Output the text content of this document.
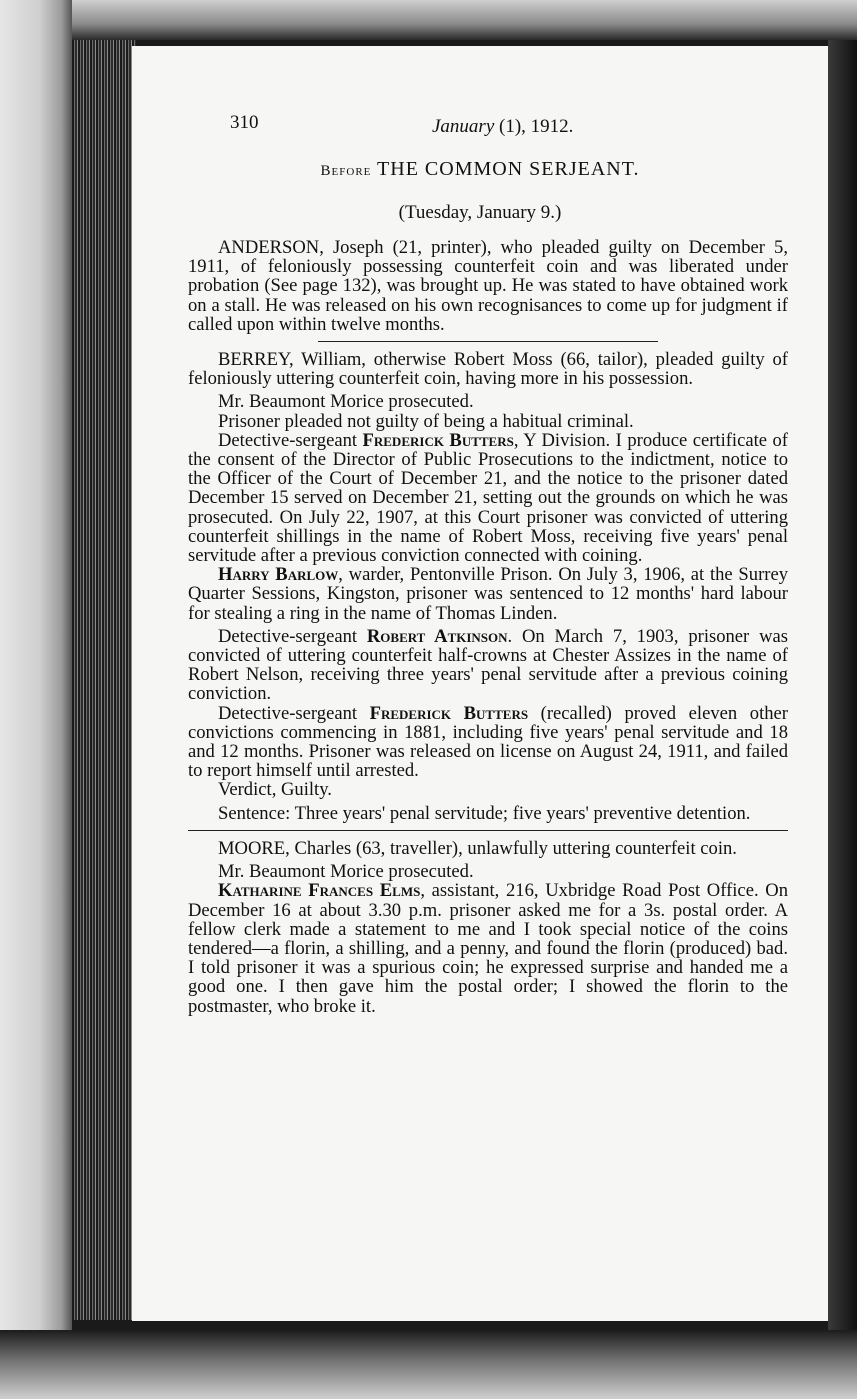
310	January (1), 1912.
Before THE COMMON SERJEANT.
(Tuesday, January 9.)

ANDERSON, Joseph (21, printer), who pleaded guilty on December 5, 1911, of feloniously possessing counterfeit coin and was liberated under probation (See page 132), was brought up. He was stated to have obtained work on a stall. He was released on his own recognisances to come up for judgment if called upon within twelve months.

BERREY, William, otherwise Robert Moss (66, tailor), pleaded guilty of feloniously uttering counterfeit coin, having more in his possession.

Mr. Beaumont Morice prosecuted.

Prisoner pleaded not guilty of being a habitual criminal.

Detective-sergeant Frederick Butters, Y Division. I produce certificate of the consent of the Director of Public Prosecutions to the indictment, notice to the Officer of the Court of December 21, and the notice to the prisoner dated December 15 served on December 21, setting out the grounds on which he was prosecuted. On July 22, 1907, at this Court prisoner was convicted of uttering counterfeit shillings in the name of Robert Moss, receiving five years' penal servitude after a previous conviction connected with coining.

Harry Barlow, warder, Pentonville Prison. On July 3, 1906, at the Surrey Quarter Sessions, Kingston, prisoner was sentenced to 12 months' hard labour for stealing a ring in the name of Thomas Linden.

Detective-sergeant Robert Atkinson. On March 7, 1903, prisoner was convicted of uttering counterfeit half-crowns at Chester Assizes in the name of Robert Nelson, receiving three years' penal servitude after a previous coining conviction.

Detective-sergeant Frederick Butters (recalled) proved eleven other convictions commencing in 1881, including five years' penal servitude and 18 and 12 months. Prisoner was released on license on August 24, 1911, and failed to report himself until arrested.

Verdict, Guilty.

Sentence: Three years' penal servitude; five years' preventive detention.

MOORE, Charles (63, traveller), unlawfully uttering counterfeit coin.

Mr. Beaumont Morice prosecuted.

Katharine Frances Elms, assistant, 216, Uxbridge Road Post Office. On December 16 at about 3.30 p.m. prisoner asked me for a 3s. postal order. A fellow clerk made a statement to me and I took special notice of the coins tendered—a florin, a shilling, and a penny, and found the florin (produced) bad. I told prisoner it was a spurious coin; he expressed surprise and handed me a good one. I then gave him the postal order; I showed the florin to the postmaster, who broke it.
